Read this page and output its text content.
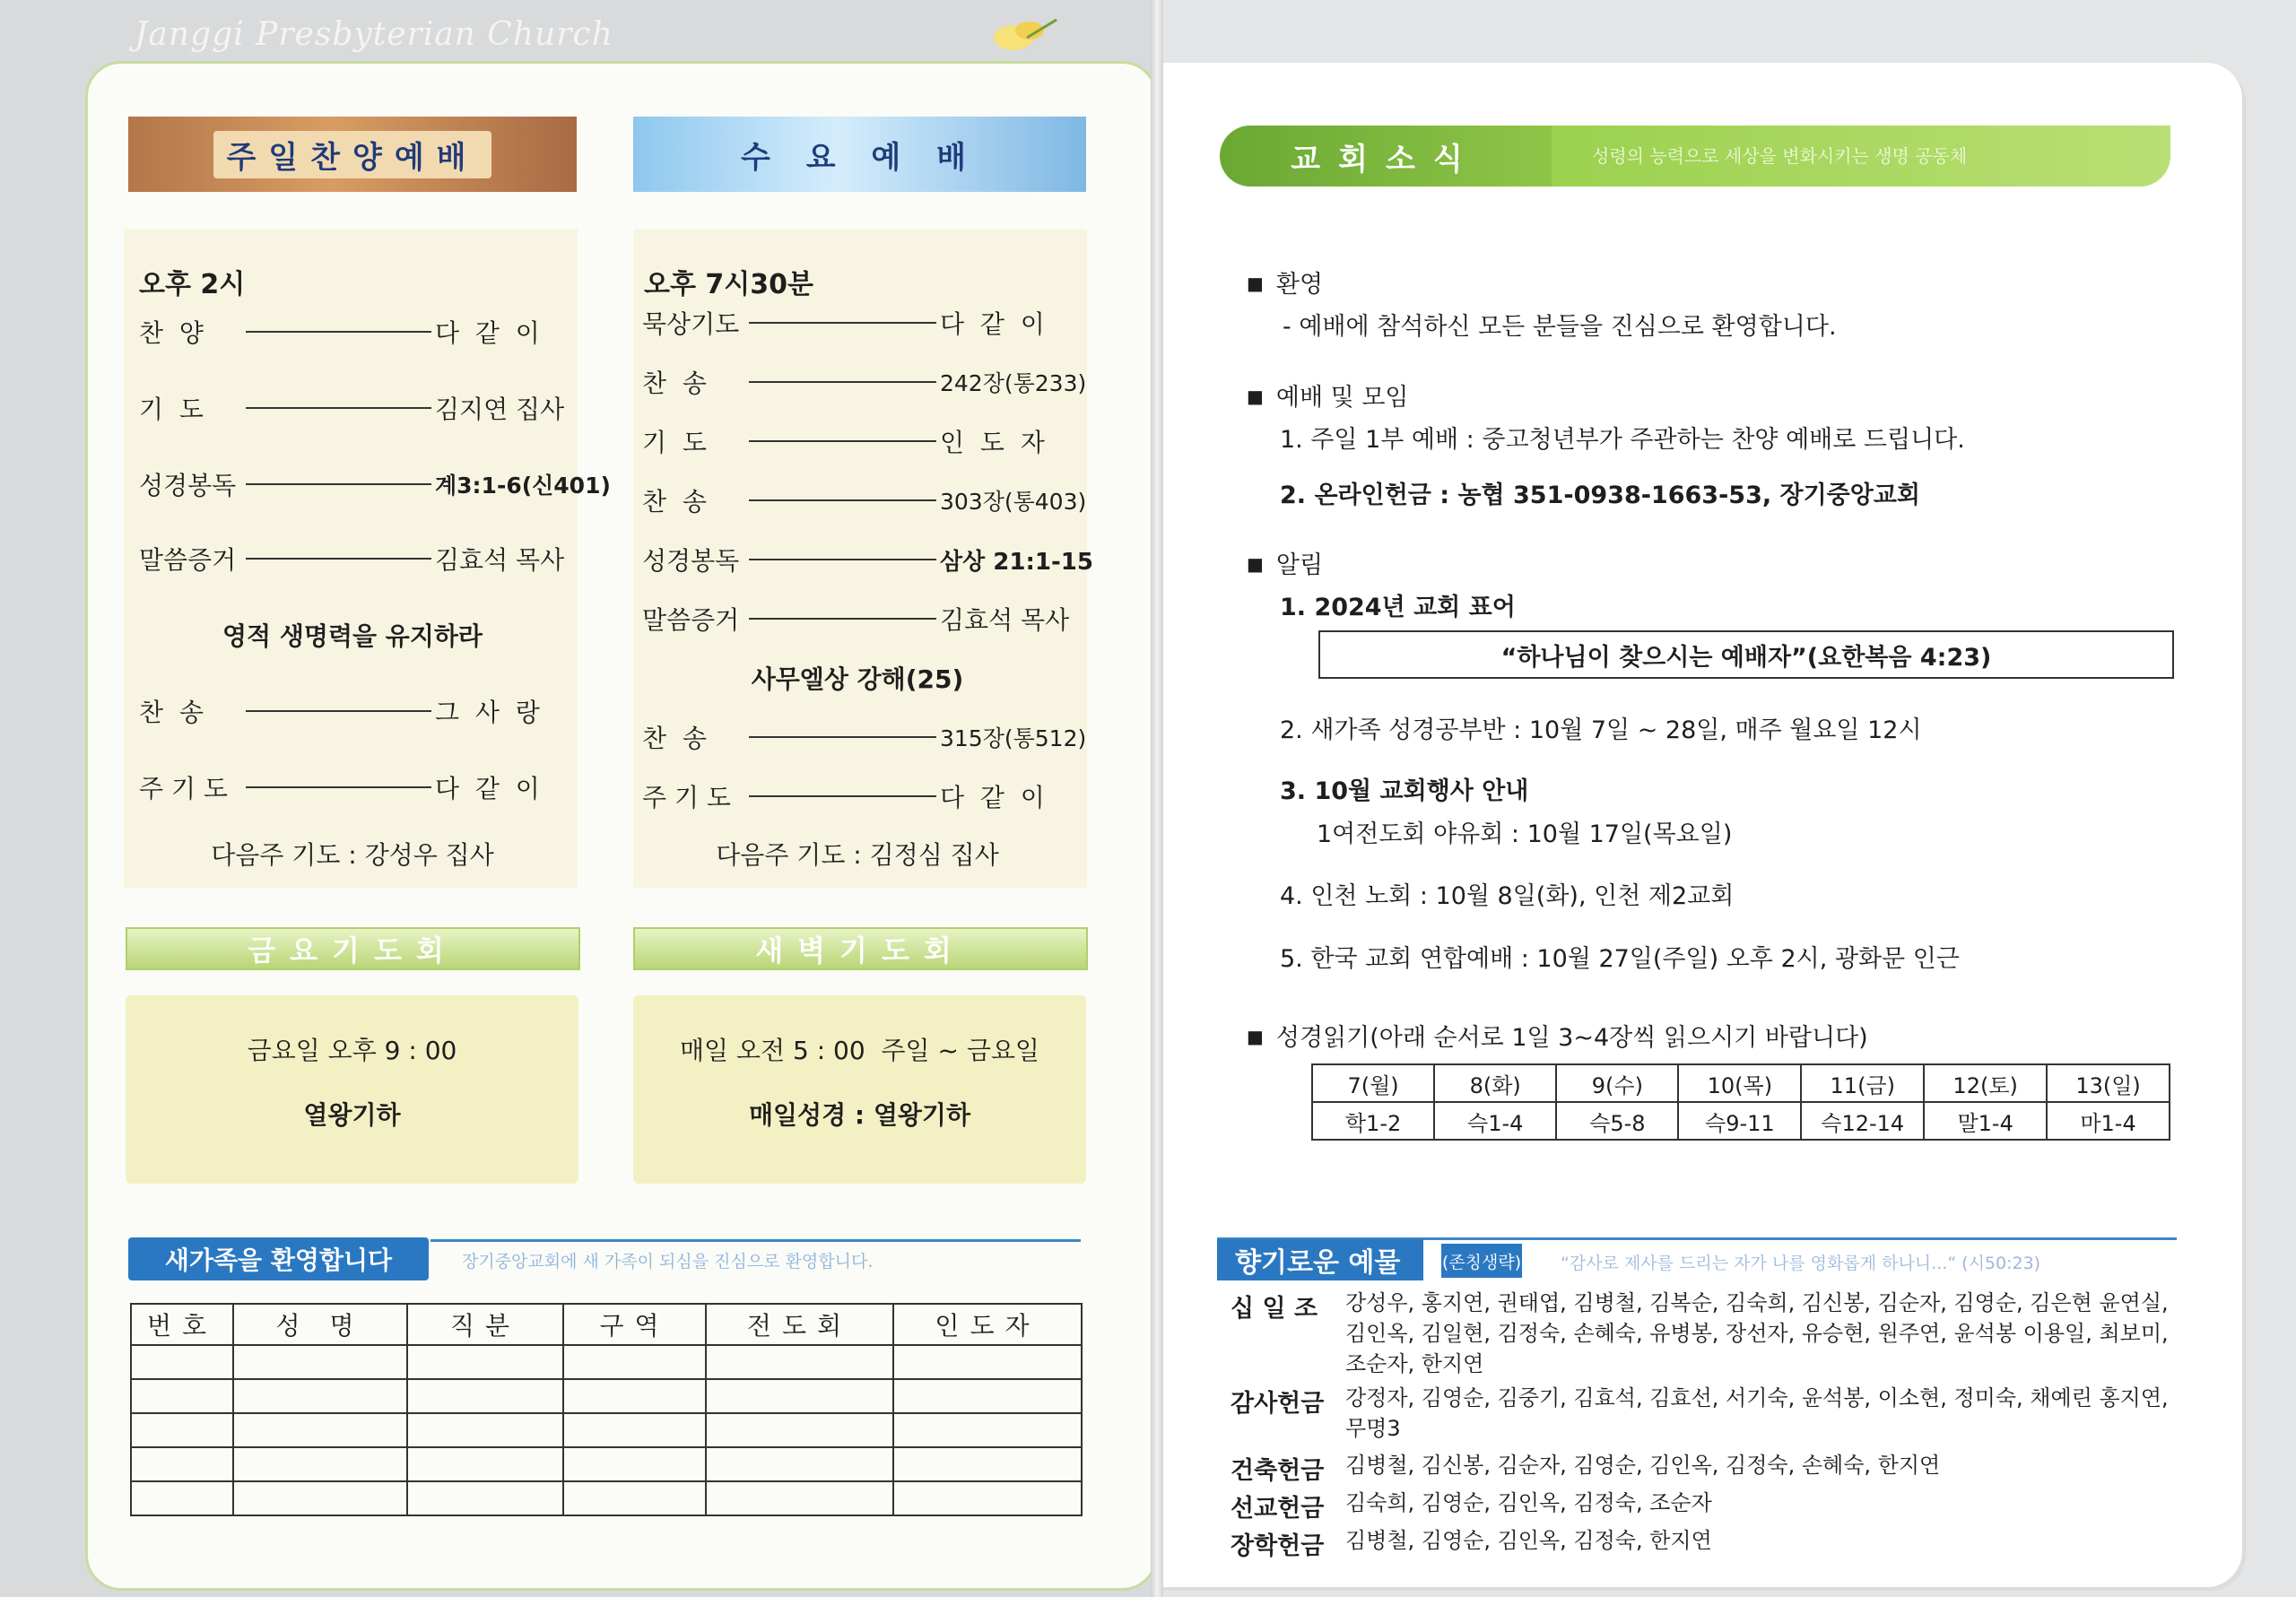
Janggi Presbyterian Church
주일찬양예배
오후 2시
찬  양	다  같  이
기  도	김지연 집사
성경봉독	계3:1-6(신401)
말씀증거	김효석 목사
영적 생명력을 유지하라
찬  송	그  사  랑
주 기 도	다  같  이
다음주 기도 : 강성우 집사
수 요 예 배
오후 7시30분
묵상기도	다  같  이
찬  송	242장(통233)
기  도	인  도  자
찬  송	303장(통403)
성경봉독	삼상 21:1-15
말씀증거	김효석 목사
사무엘상 강해(25)
찬  송	315장(통512)
주 기 도	다  같  이
다음주 기도 : 김정심 집사
금요기도회
금요일 오후 9 : 00
열왕기하
새벽기도회
매일 오전 5 : 00  주일 ~ 금요일
매일성경 : 열왕기하
새가족을 환영합니다	장기중앙교회에 새 가족이 되심을 진심으로 환영합니다.
번호	성 명	직분	구역	전도회	인도자

교회소식	성령의 능력으로 세상을 변화시키는 생명 공동체
■ 환영
- 예배에 참석하신 모든 분들을 진심으로 환영합니다.
■ 예배 및 모임
1. 주일 1부 예배 : 중고청년부가 주관하는 찬양 예배로 드립니다.
2. 온라인헌금 : 농협 351-0938-1663-53, 장기중앙교회
■ 알림
1. 2024년 교회 표어
“하나님이 찾으시는 예배자”(요한복음 4:23)
2. 새가족 성경공부반 : 10월 7일 ~ 28일, 매주 월요일 12시
3. 10월 교회행사 안내
1여전도회 야유회 : 10월 17일(목요일)
4. 인천 노회 : 10월 8일(화), 인천 제2교회
5. 한국 교회 연합예배 : 10월 27일(주일) 오후 2시, 광화문 인근
■ 성경읽기(아래 순서로 1일 3~4장씩 읽으시기 바랍니다)
7(월)	8(화)	9(수)	10(목)	11(금)	12(토)	13(일)
학1-2	슥1-4	슥5-8	슥9-11	슥12-14	말1-4	마1-4
향기로운 예물	(존칭생략) “감사로 제사를 드리는 자가 나를 영화롭게 하나니...” (시50:23)
십 일 조	강성우, 홍지연, 권태엽, 김병철, 김복순, 김숙희, 김신봉, 김순자, 김영순, 김은현 윤연실, 김인옥, 김일현, 김정숙, 손혜숙, 유병봉, 장선자, 유승현, 원주연, 윤석봉 이용일, 최보미, 조순자, 한지연
감사헌금 강정자, 김영순, 김중기, 김효석, 김효선, 서기숙, 윤석봉, 이소현, 정미숙, 채예린 홍지연, 무명3
건축헌금 김병철, 김신봉, 김순자, 김영순, 김인옥, 김정숙, 손혜숙, 한지연
선교헌금 김숙희, 김영순, 김인옥, 김정숙, 조순자
장학헌금 김병철, 김영순, 김인옥, 김정숙, 한지연
